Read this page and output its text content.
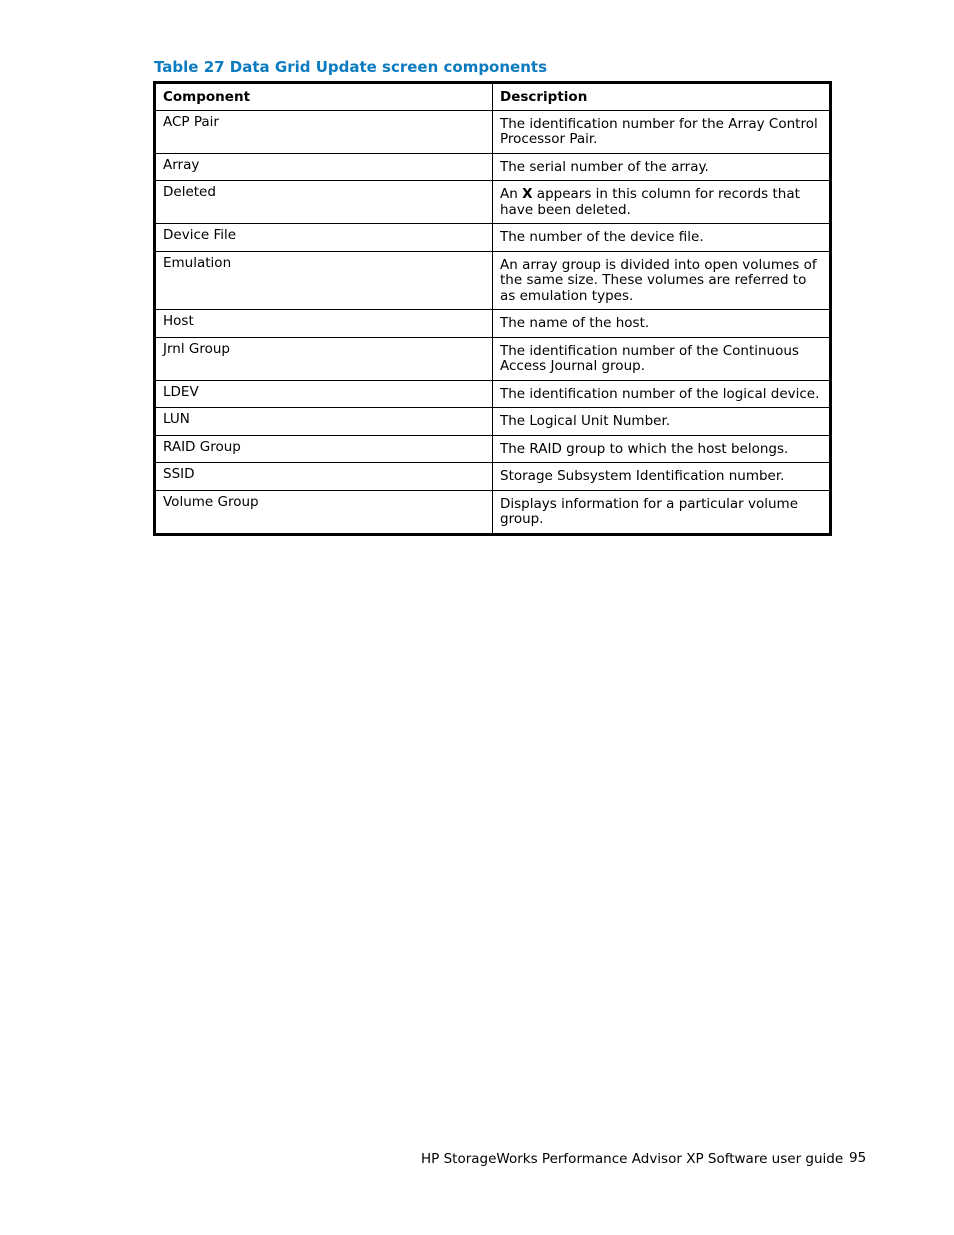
Table 27 Data Grid Update screen components
Component	Description
ACP Pair	The identification number for the Array Control Processor Pair.
Array	The serial number of the array.
Deleted	An X appears in this column for records that have been deleted.
Device File	The number of the device file.
Emulation	An array group is divided into open volumes of the same size. These volumes are referred to as emulation types.
Host	The name of the host.
Jrnl Group	The identification number of the Continuous Access Journal group.
LDEV	The identification number of the logical device.
LUN	The Logical Unit Number.
RAID Group	The RAID group to which the host belongs.
SSID	Storage Subsystem Identification number.
Volume Group	Displays information for a particular volume group.
HP StorageWorks Performance Advisor XP Software user guide 95
